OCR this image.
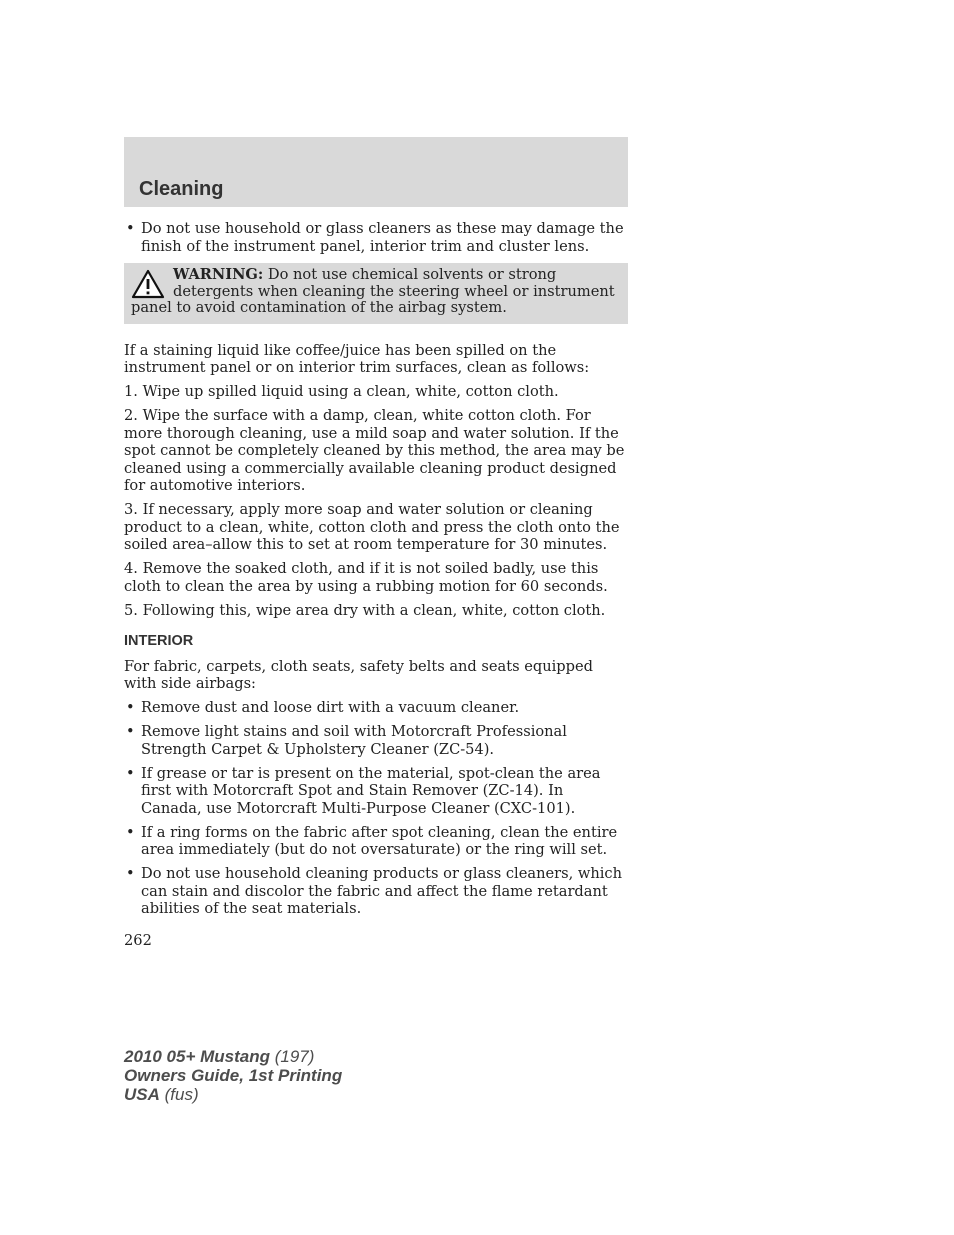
Cleaning
• Do not use household or glass cleaners as these may damage the finish of the instrument panel, interior trim and cluster lens.
WARNING: Do not use chemical solvents or strong detergents when cleaning the steering wheel or instrument panel to avoid contamination of the airbag system.

If a staining liquid like coffee/juice has been spilled on the instrument panel or on interior trim surfaces, clean as follows:

1. Wipe up spilled liquid using a clean, white, cotton cloth.

2. Wipe the surface with a damp, clean, white cotton cloth. For more thorough cleaning, use a mild soap and water solution. If the spot cannot be completely cleaned by this method, the area may be cleaned using a commercially available cleaning product designed for automotive interiors.

3. If necessary, apply more soap and water solution or cleaning product to a clean, white, cotton cloth and press the cloth onto the soiled area–allow this to set at room temperature for 30 minutes.

4. Remove the soaked cloth, and if it is not soiled badly, use this cloth to clean the area by using a rubbing motion for 60 seconds.

5. Following this, wipe area dry with a clean, white, cotton cloth.

INTERIOR

For fabric, carpets, cloth seats, safety belts and seats equipped with side airbags:

• Remove dust and loose dirt with a vacuum cleaner.
• Remove light stains and soil with Motorcraft Professional Strength Carpet & Upholstery Cleaner (ZC-54).
• If grease or tar is present on the material, spot-clean the area first with Motorcraft Spot and Stain Remover (ZC-14). In Canada, use Motorcraft Multi-Purpose Cleaner (CXC-101).
• If a ring forms on the fabric after spot cleaning, clean the entire area immediately (but do not oversaturate) or the ring will set.
• Do not use household cleaning products or glass cleaners, which can stain and discolor the fabric and affect the flame retardant abilities of the seat materials.
262
2010 05+ Mustang (197)
Owners Guide, 1st Printing
USA (fus)
